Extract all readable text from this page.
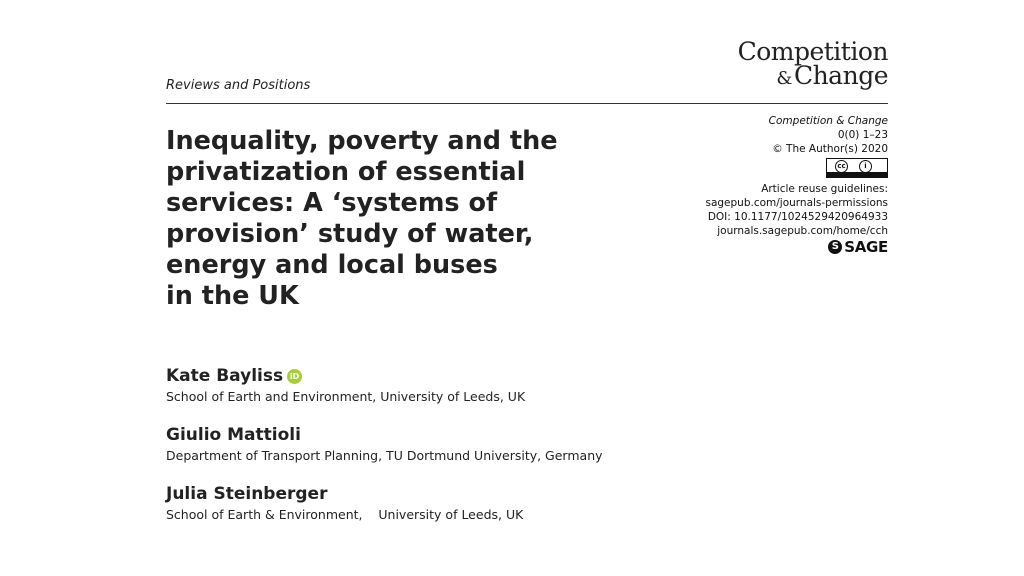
Reviews and Positions
Competition
&Change
Inequality, poverty and the
privatization of essential
services: A ‘systems of
provision’ study of water,
energy and local buses
in the UK
Competition & Change
0(0) 1–23
© The Author(s) 2020
cc	i
Article reuse guidelines:
sagepub.com/journals-permissions
DOI: 10.1177/1024529420964933
journals.sagepub.com/home/cch
S SAGE
Kate Bayliss iD
School of Earth and Environment, University of Leeds, UK
Giulio Mattioli
Department of Transport Planning, TU Dortmund University, Germany
Julia Steinberger
School of Earth & Environment,    University of Leeds, UK
